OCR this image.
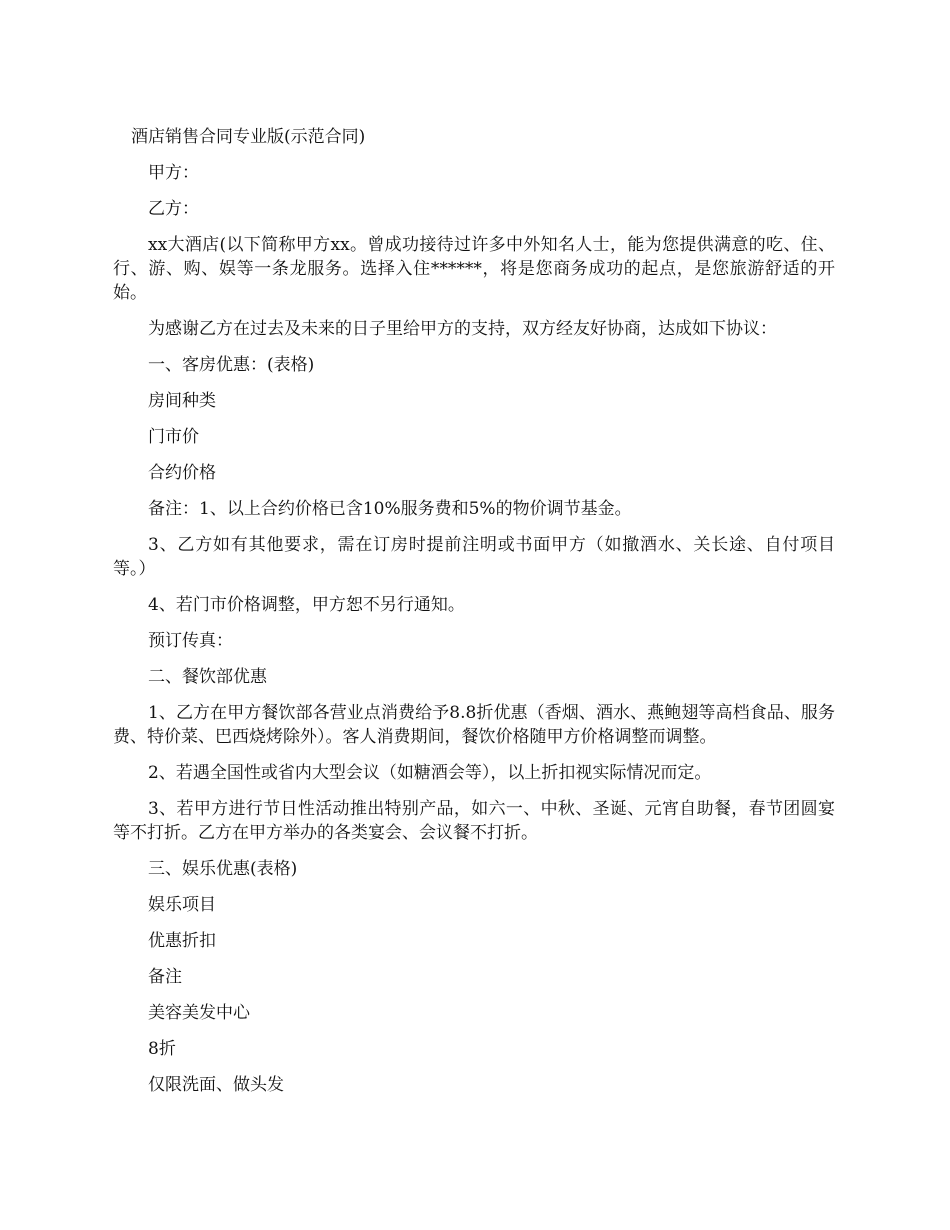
酒店销售合同专业版(示范合同)

甲方：

乙方：

xx大酒店(以下简称甲方xx。曾成功接待过许多中外知名人士，能为您提供满意的吃、住、行、游、购、娱等一条龙服务。选择入住******，将是您商务成功的起点，是您旅游舒适的开始。

为感谢乙方在过去及未来的日子里给甲方的支持，双方经友好协商，达成如下协议：

一、客房优惠：(表格)

房间种类

门市价

合约价格

备注：1、以上合约价格已含10%服务费和5%的物价调节基金。

3、乙方如有其他要求，需在订房时提前注明或书面甲方（如撤酒水、关长途、自付项目等。）

4、若门市价格调整，甲方恕不另行通知。

预订传真：

二、餐饮部优惠

1、乙方在甲方餐饮部各营业点消费给予8.8折优惠（香烟、酒水、燕鲍翅等高档食品、服务费、特价菜、巴西烧烤除外）。客人消费期间，餐饮价格随甲方价格调整而调整。

2、若遇全国性或省内大型会议（如糖酒会等），以上折扣视实际情况而定。

3、若甲方进行节日性活动推出特别产品，如六一、中秋、圣诞、元宵自助餐，春节团圆宴等不打折。乙方在甲方举办的各类宴会、会议餐不打折。

三、娱乐优惠(表格)

娱乐项目

优惠折扣

备注

美容美发中心

8折

仅限洗面、做头发
